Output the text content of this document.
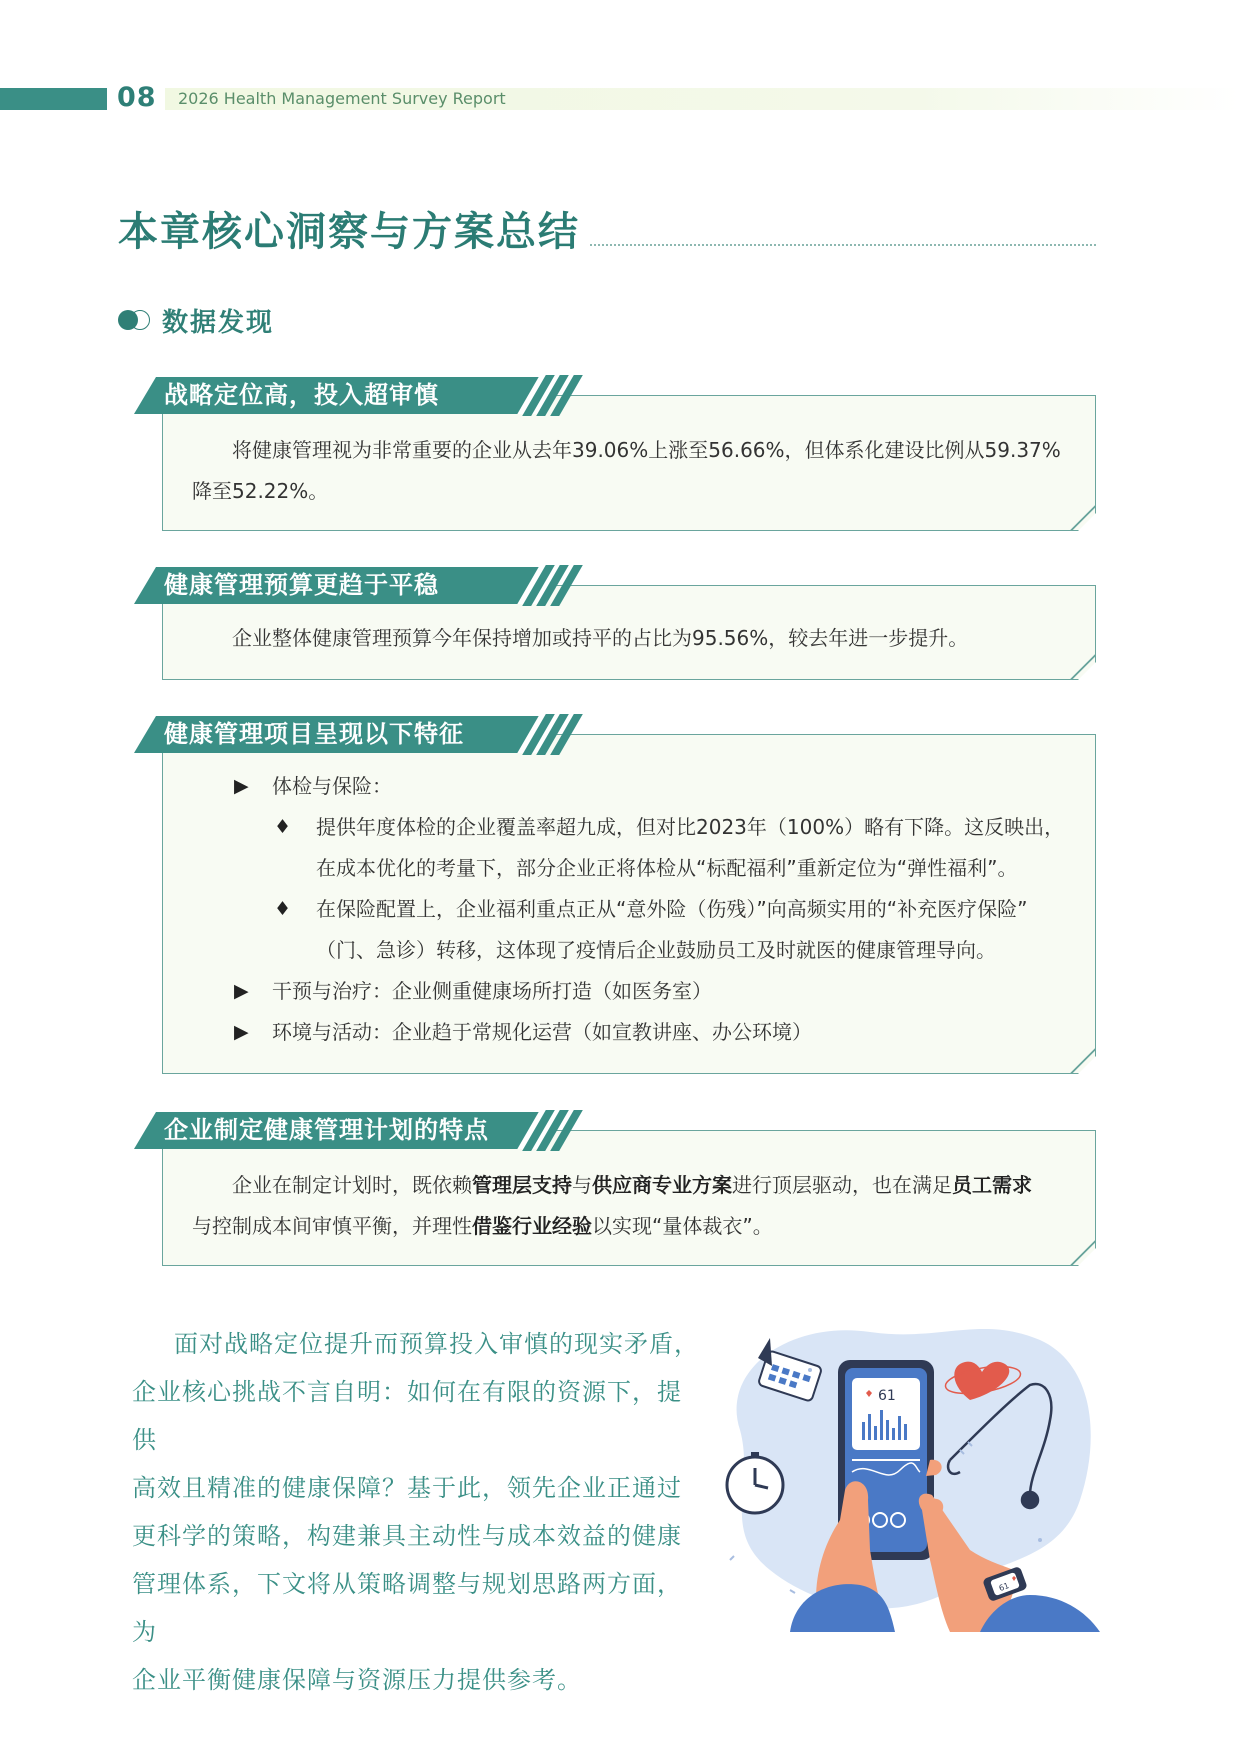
08 2026 Health Management Survey Report
本章核心洞察与方案总结
数据发现
战略定位高，投入超审慎
将健康管理视为非常重要的企业从去年39.06%上涨至56.66%，但体系化建设比例从59.37%
降至52.22%。
健康管理预算更趋于平稳
企业整体健康管理预算今年保持增加或持平的占比为95.56%，较去年进一步提升。
健康管理项目呈现以下特征
▶ 体检与保险：
♦ 提供年度体检的企业覆盖率超九成，但对比2023年（100%）略有下降。这反映出，
在成本优化的考量下，部分企业正将体检从“标配福利”重新定位为“弹性福利”。
♦ 在保险配置上，企业福利重点正从“意外险（伤残）”向高频实用的“补充医疗保险”
（门、急诊）转移，这体现了疫情后企业鼓励员工及时就医的健康管理导向。
▶ 干预与治疗：企业侧重健康场所打造（如医务室）
▶ 环境与活动：企业趋于常规化运营（如宣教讲座、办公环境）
企业制定健康管理计划的特点
企业在制定计划时，既依赖管理层支持与供应商专业方案进行顶层驱动，也在满足员工需求
与控制成本间审慎平衡，并理性借鉴行业经验以实现“量体裁衣”。
面对战略定位提升而预算投入审慎的现实矛盾，
企业核心挑战不言自明：如何在有限的资源下，提供
高效且精准的健康保障？基于此，领先企业正通过
更科学的策略，构建兼具主动性与成本效益的健康
管理体系，下文将从策略调整与规划思路两方面，为
企业平衡健康保障与资源压力提供参考。
61
61
